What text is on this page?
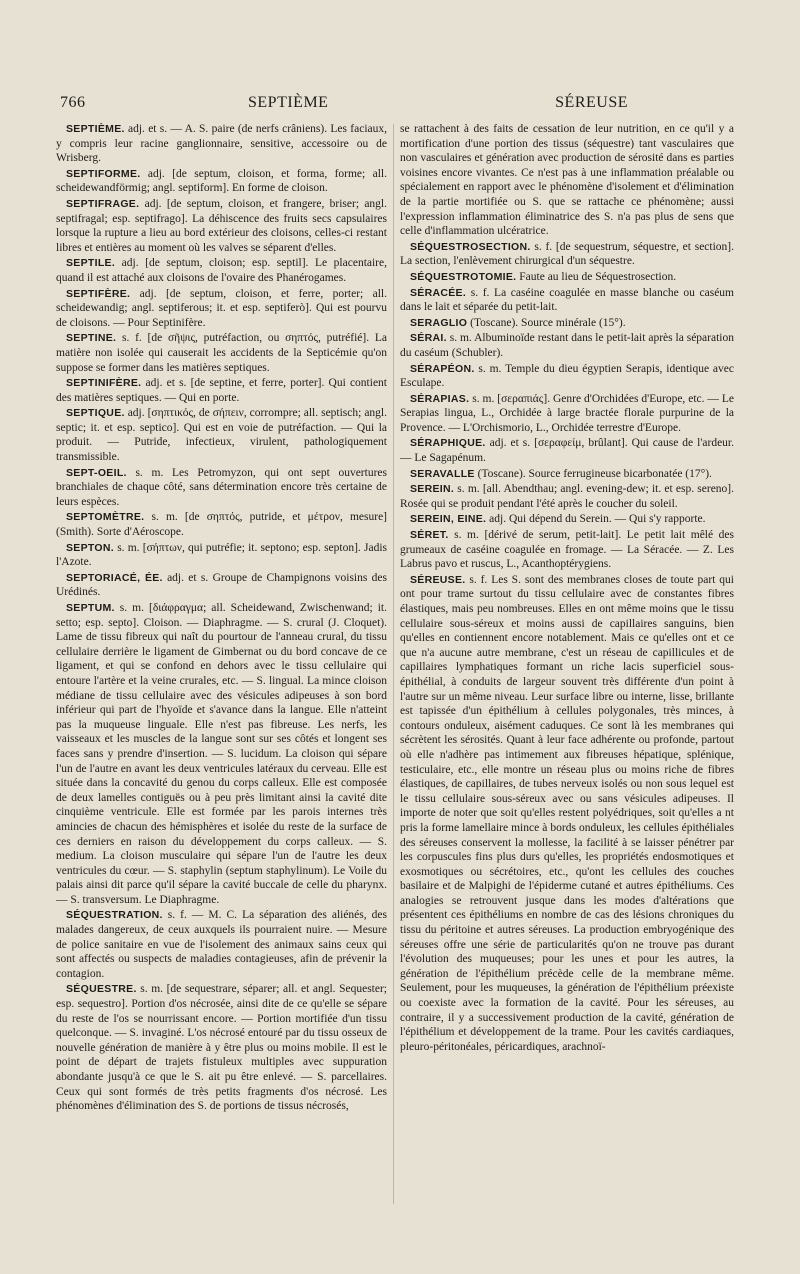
766	SEPTIÈME	SÉREUSE

SEPTIÈME. adj. et s. — A. S. paire (de nerfs crâniens). Les faciaux, y compris leur racine ganglionnaire, sensitive, accessoire ou de Wrisberg.

SEPTIFORME. adj. [de septum, cloison, et forma, forme; all. scheidewandförmig; angl. septiform]. En forme de cloison.

SEPTIFRAGE. adj. [de septum, cloison, et frangere, briser; angl. septifragal; esp. septifrago]. La déhiscence des fruits secs capsulaires lorsque la rupture a lieu au bord extérieur des cloisons, celles-ci restant libres et entières au moment où les valves se séparent d'elles.

SEPTILE. adj. [de septum, cloison; esp. septil]. Le placentaire, quand il est attaché aux cloisons de l'ovaire des Phanérogames.

SEPTIFÈRE. adj. [de septum, cloison, et ferre, porter; all. scheidewandig; angl. septiferous; it. et esp. septiferò]. Qui est pourvu de cloisons. — Pour Septinifère.

SEPTINE. s. f. [de σῆψις, putréfaction, ou σηπτός, putréfié]. La matière non isolée qui causerait les accidents de la Septicémie qu'on suppose se former dans les matières septiques.

SEPTINIFÈRE. adj. et s. [de septine, et ferre, porter]. Qui contient des matières septiques. — Qui en porte.

SEPTIQUE. adj. [σηπτικός, de σήπειν, corrompre; all. septisch; angl. septic; it. et esp. septico]. Qui est en voie de putréfaction. — Qui la produit. — Putride, infectieux, virulent, pathologiquement transmissible.

SEPT-OEIL. s. m. Les Petromyzon, qui ont sept ouvertures branchiales de chaque côté, sans détermination encore très certaine de leurs espèces.

SEPTOMÈTRE. s. m. [de σηπτός, putride, et μέτρον, mesure] (Smith). Sorte d'Aéroscope.

SEPTON. s. m. [σήπτων, qui putréfie; it. septono; esp. septon]. Jadis l'Azote.

SEPTORIACÉ, ÉE. adj. et s. Groupe de Champignons voisins des Urédinés.

SEPTUM. s. m. [διάφραγμα; all. Scheidewand, Zwischenwand; it. setto; esp. septo]. Cloison. — Diaphragme. — S. crural (J. Cloquet). Lame de tissu fibreux qui naît du pourtour de l'anneau crural, du tissu cellulaire derrière le ligament de Gimbernat ou du bord concave de ce ligament, et qui se confond en dehors avec le tissu cellulaire qui entoure l'artère et la veine crurales, etc. — S. lingual. La mince cloison médiane de tissu cellulaire avec des vésicules adipeuses à son bord inférieur qui part de l'hyoïde et s'avance dans la langue. Elle n'atteint pas la muqueuse linguale. Elle n'est pas fibreuse. Les nerfs, les vaisseaux et les muscles de la langue sont sur ses côtés et longent ses faces sans y prendre d'insertion. — S. lucidum. La cloison qui sépare l'un de l'autre en avant les deux ventricules latéraux du cerveau. Elle est située dans la concavité du genou du corps calleux. Elle est composée de deux lamelles contiguës ou à peu près limitant ainsi la cavité dite cinquième ventricule. Elle est formée par les parois internes très amincies de chacun des hémisphères et isolée du reste de la surface de ces derniers en raison du développement du corps calleux. — S. medium. La cloison musculaire qui sépare l'un de l'autre les deux ventricules du cœur. — S. staphylin (septum staphylinum). Le Voile du palais ainsi dit parce qu'il sépare la cavité buccale de celle du pharynx. — S. transversum. Le Diaphragme.

SÉQUESTRATION. s. f. — M. C. La séparation des aliénés, des malades dangereux, de ceux auxquels ils pourraient nuire. — Mesure de police sanitaire en vue de l'isolement des animaux sains ceux qui sont affectés ou suspects de maladies contagieuses, afin de prévenir la contagion.

SÉQUESTRE. s. m. [de sequestrare, séparer; all. et angl. Sequester; esp. sequestro]. Portion d'os nécrosée, ainsi dite de ce qu'elle se sépare du reste de l'os se nourrissant encore. — Portion mortifiée d'un tissu quelconque. — S. invaginé. L'os nécrosé entouré par du tissu osseux de nouvelle génération de manière à y être plus ou moins mobile. Il est le point de départ de trajets fistuleux multiples avec suppuration abondante jusqu'à ce que le S. ait pu être enlevé. — S. parcellaires. Ceux qui sont formés de très petits fragments d'os nécrosé. Les phénomènes d'élimination des S. de portions de tissus nécrosés,

se rattachent à des faits de cessation de leur nutrition, en ce qu'il y a mortification d'une portion des tissus (séquestre) tant vasculaires que non vasculaires et génération avec production de sérosité dans es parties voisines encore vivantes. Ce n'est pas à une inflammation préalable ou spécialement en rapport avec le phénomène d'isolement et d'élimination de la partie mortifiée ou S. que se rattache ce phénomène; aussi l'expression inflammation éliminatrice des S. n'a pas plus de sens que celle d'inflammation ulcératrice.

SÉQUESTROSECTION. s. f. [de sequestrum, séquestre, et section]. La section, l'enlèvement chirurgical d'un séquestre.

SÉQUESTROTOMIE. Faute au lieu de Séquestrosection.

SÉRACÉE. s. f. La caséine coagulée en masse blanche ou caséum dans le lait et séparée du petit-lait.

SERAGLIO (Toscane). Source minérale (15°).

SÉRAI. s. m. Albuminoïde restant dans le petit-lait après la séparation du caséum (Schubler).

SÉRAPÉON. s. m. Temple du dieu égyptien Serapis, identique avec Esculape.

SÉRAPIAS. s. m. [σεραπιάς]. Genre d'Orchidées d'Europe, etc. — Le Serapias lingua, L., Orchidée à large bractée florale purpurine de la Provence. — L'Orchismorio, L., Orchidée terrestre d'Europe.

SÉRAPHIQUE. adj. et s. [σεραφείμ, brûlant]. Qui cause de l'ardeur. — Le Sagapénum.

SERAVALLE (Toscane). Source ferrugineuse bicarbonatée (17°).

SEREIN. s. m. [all. Abendthau; angl. evening-dew; it. et esp. sereno]. Rosée qui se produit pendant l'été après le coucher du soleil.

SEREIN, EINE. adj. Qui dépend du Serein. — Qui s'y rapporte.

SÉRET. s. m. [dérivé de serum, petit-lait]. Le petit lait mêlé des grumeaux de caséine coagulée en fromage. — La Séracée. — Z. Les Labrus pavo et ruscus, L., Acanthoptérygiens.

SÉREUSE. s. f. Les S. sont des membranes closes de toute part qui ont pour trame surtout du tissu cellulaire avec de constantes fibres élastiques, mais peu nombreuses. Elles en ont même moins que le tissu cellulaire sous-séreux et moins aussi de capillaires sanguins, bien qu'elles en contiennent encore notablement. Mais ce qu'elles ont et ce que n'a aucune autre membrane, c'est un réseau de capillicules et de capillaires lymphatiques formant un riche lacis superficiel sous-épithélial, à conduits de largeur souvent très différente d'un point à l'autre sur un même niveau. Leur surface libre ou interne, lisse, brillante est tapissée d'un épithélium à cellules polygonales, très minces, à contours onduleux, aisément caduques. Ce sont là les membranes qui sécrètent les sérosités. Quant à leur face adhérente ou profonde, partout où elle n'adhère pas intimement aux fibreuses hépatique, splénique, testiculaire, etc., elle montre un réseau plus ou moins riche de fibres élastiques, de capillaires, de tubes nerveux isolés ou non sous lequel est le tissu cellulaire sous-séreux avec ou sans vésicules adipeuses. Il importe de noter que soit qu'elles restent polyédriques, soit qu'elles a nt pris la forme lamellaire mince à bords onduleux, les cellules épithéliales des séreuses conservent la mollesse, la facilité à se laisser pénétrer par les corpuscules fins plus durs qu'elles, les propriétés endosmotiques et exosmotiques ou sécrétoires, etc., qu'ont les cellules des couches basilaire et de Malpighi de l'épiderme cutané et autres épithéliums. Ces analogies se retrouvent jusque dans les modes d'altérations que présentent ces épithéliums en nombre de cas des lésions chroniques du tissu du péritoine et autres séreuses. La production embryogénique des séreuses offre une série de particularités qu'on ne trouve pas durant l'évolution des muqueuses; pour les unes et pour les autres, la génération de l'épithélium précède celle de la membrane même. Seulement, pour les muqueuses, la génération de l'épithélium préexiste ou coexiste avec la formation de la cavité. Pour les séreuses, au contraire, il y a successivement production de la cavité, génération de l'épithélium et développement de la trame. Pour les cavités cardiaques, pleuro-péritonéales, péricardiques, arachnoï-
